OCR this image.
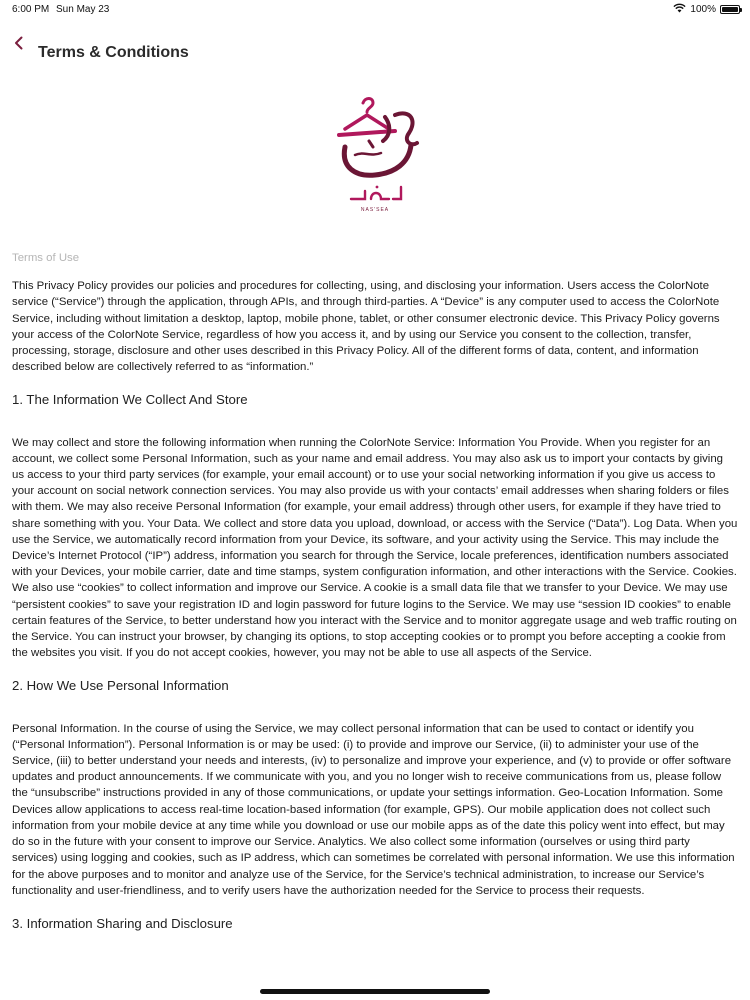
6:00 PM Sun May 23	100%
Terms & Conditions
NAS'SEA

Terms of Use

This Privacy Policy provides our policies and procedures for collecting, using, and disclosing your information. Users access the ColorNote service (“Service”) through the application, through APIs, and through third-parties. A “Device” is any computer used to access the ColorNote Service, including without limitation a desktop, laptop, mobile phone, tablet, or other consumer electronic device. This Privacy Policy governs your access of the ColorNote Service, regardless of how you access it, and by using our Service you consent to the collection, transfer, processing, storage, disclosure and other uses described in this Privacy Policy. All of the different forms of data, content, and information described below are collectively referred to as “information.”

1. The Information We Collect And Store

We may collect and store the following information when running the ColorNote Service: Information You Provide. When you register for an account, we collect some Personal Information, such as your name and email address. You may also ask us to import your contacts by giving us access to your third party services (for example, your email account) or to use your social networking information if you give us access to your account on social network connection services. You may also provide us with your contacts’ email addresses when sharing folders or files with them. We may also receive Personal Information (for example, your email address) through other users, for example if they have tried to share something with you. Your Data. We collect and store data you upload, download, or access with the Service (“Data”). Log Data. When you use the Service, we automatically record information from your Device, its software, and your activity using the Service. This may include the Device’s Internet Protocol (“IP”) address, information you search for through the Service, locale preferences, identification numbers associated with your Devices, your mobile carrier, date and time stamps, system configuration information, and other interactions with the Service. Cookies. We also use “cookies” to collect information and improve our Service. A cookie is a small data file that we transfer to your Device. We may use “persistent cookies” to save your registration ID and login password for future logins to the Service. We may use “session ID cookies” to enable certain features of the Service, to better understand how you interact with the Service and to monitor aggregate usage and web traffic routing on the Service. You can instruct your browser, by changing its options, to stop accepting cookies or to prompt you before accepting a cookie from the websites you visit. If you do not accept cookies, however, you may not be able to use all aspects of the Service.

2. How We Use Personal Information

Personal Information. In the course of using the Service, we may collect personal information that can be used to contact or identify you (“Personal Information”). Personal Information is or may be used: (i) to provide and improve our Service, (ii) to administer your use of the Service, (iii) to better understand your needs and interests, (iv) to personalize and improve your experience, and (v) to provide or offer software updates and product announcements. If we communicate with you, and you no longer wish to receive communications from us, please follow the “unsubscribe” instructions provided in any of those communications, or update your settings information. Geo-Location Information. Some Devices allow applications to access real-time location-based information (for example, GPS). Our mobile application does not collect such information from your mobile device at any time while you download or use our mobile apps as of the date this policy went into effect, but may do so in the future with your consent to improve our Service. Analytics. We also collect some information (ourselves or using third party services) using logging and cookies, such as IP address, which can sometimes be correlated with personal information. We use this information for the above purposes and to monitor and analyze use of the Service, for the Service’s technical administration, to increase our Service’s functionality and user-friendliness, and to verify users have the authorization needed for the Service to process their requests.

3. Information Sharing and Disclosure
